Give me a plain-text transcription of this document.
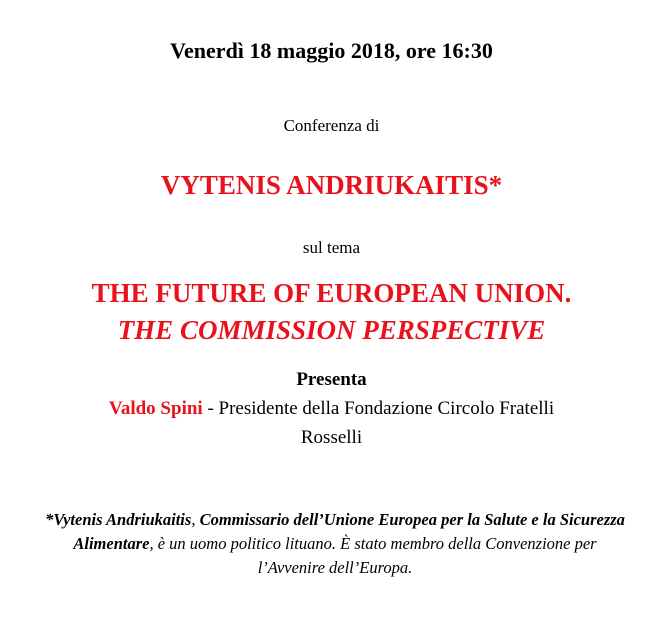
Venerdì 18 maggio 2018, ore 16:30
Conferenza di
VYTENIS ANDRIUKAITIS*
sul tema
THE FUTURE OF EUROPEAN UNION.
THE COMMISSION PERSPECTIVE
Presenta
Valdo Spini - Presidente della Fondazione Circolo Fratelli
Rosselli
*Vytenis Andriukaitis, Commissario dell’Unione Europea per la Salute e la Sicurezza Alimentare, è un uomo politico lituano. È stato membro della Convenzione per l’Avvenire dell’Europa.
